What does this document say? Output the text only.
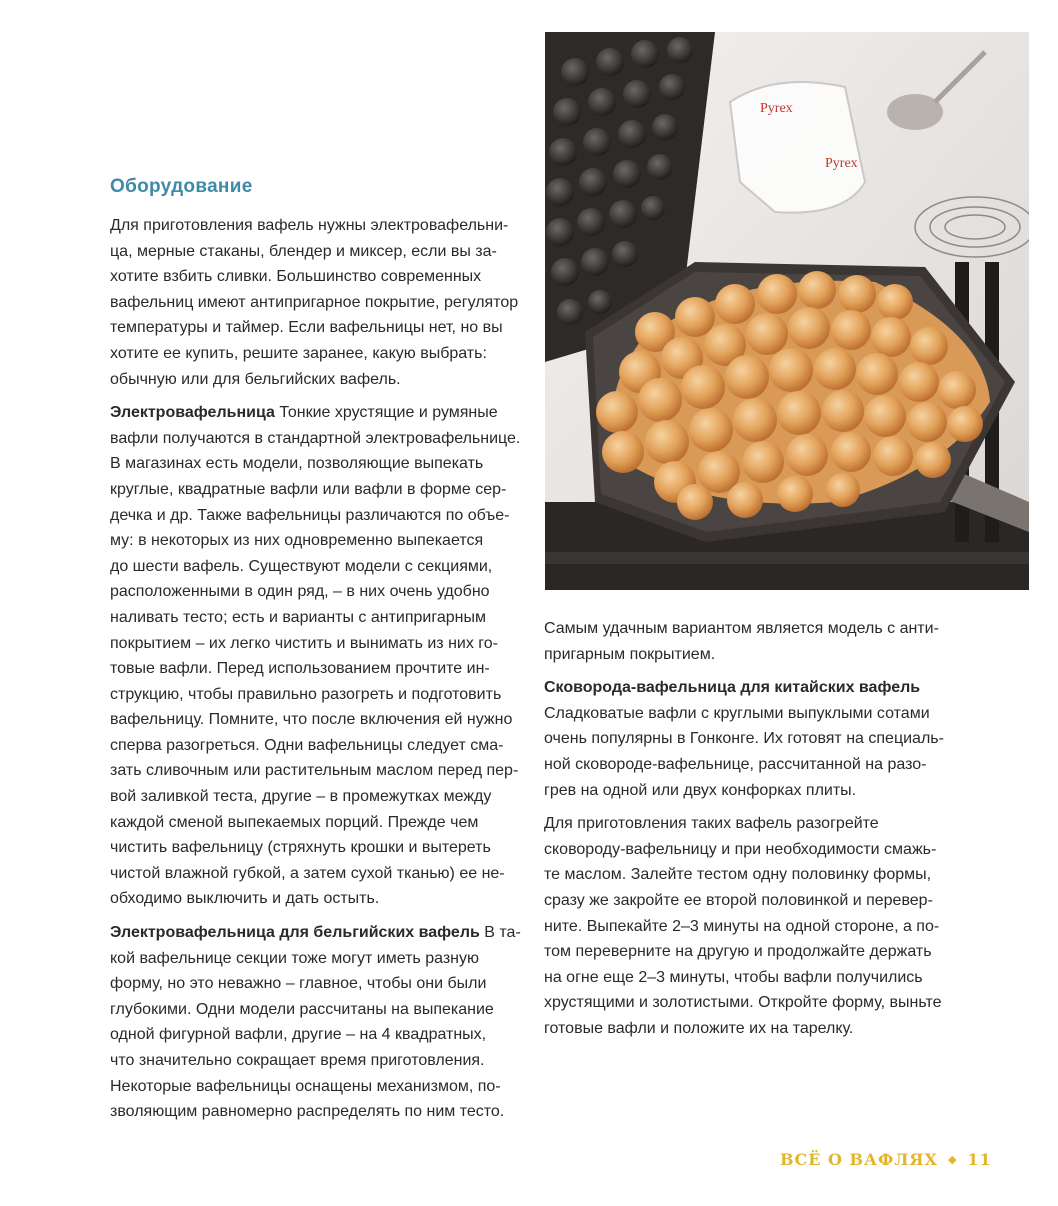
Оборудование
Для приготовления вафель нужны электровафельни-
ца, мерные стаканы, блендер и миксер, если вы за-
хотите взбить сливки. Большинство современных
вафельниц имеют антипригарное покрытие, регулятор
температуры и таймер. Если вафельницы нет, но вы
хотите ее купить, решите заранее, какую выбрать:
обычную или для бельгийских вафель.
Электровафельница Тонкие хрустящие и румяные
вафли получаются в стандартной электровафельнице.
В магазинах есть модели, позволяющие выпекать
круглые, квадратные вафли или вафли в форме сер-
дечка и др. Также вафельницы различаются по объе-
му: в некоторых из них одновременно выпекается
до шести вафель. Существуют модели с секциями,
расположенными в один ряд, – в них очень удобно
наливать тесто; есть и варианты с антипригарным
покрытием – их легко чистить и вынимать из них го-
товые вафли. Перед использованием прочтите ин-
струкцию, чтобы правильно разогреть и подготовить
вафельницу. Помните, что после включения ей нужно
сперва разогреться. Одни вафельницы следует сма-
зать сливочным или растительным маслом перед пер-
вой заливкой теста, другие – в промежутках между
каждой сменой выпекаемых порций. Прежде чем
чистить вафельницу (стряхнуть крошки и вытереть
чистой влажной губкой, а затем сухой тканью) ее не-
обходимо выключить и дать остыть.
Электровафельница для бельгийских вафель В та-
кой вафельнице секции тоже могут иметь разную
форму, но это неважно – главное, чтобы они были
глубокими. Одни модели рассчитаны на выпекание
одной фигурной вафли, другие – на 4 квадратных,
что значительно сокращает время приготовления.
Некоторые вафельницы оснащены механизмом, по-
зволяющим равномерно распределять по ним тесто.
Pyrex
Pyrex
Самым удачным вариантом является модель с анти-
пригарным покрытием.
Сковорода-вафельница для китайских вафель
Сладковатые вафли с круглыми выпуклыми сотами
очень популярны в Гонконге. Их готовят на специаль-
ной сковороде-вафельнице, рассчитанной на разо-
грев на одной или двух конфорках плиты.
Для приготовления таких вафель разогрейте
сковороду-вафельницу и при необходимости смажь-
те маслом. Залейте тестом одну половинку формы,
сразу же закройте ее второй половинкой и перевер-
ните. Выпекайте 2–3 минуты на одной стороне, а по-
том переверните на другую и продолжайте держать
на огне еще 2–3 минуты, чтобы вафли получились
хрустящими и золотистыми. Откройте форму, выньте
готовые вафли и положите их на тарелку.
ВСЁ О ВАФЛЯХ ◆ 11
